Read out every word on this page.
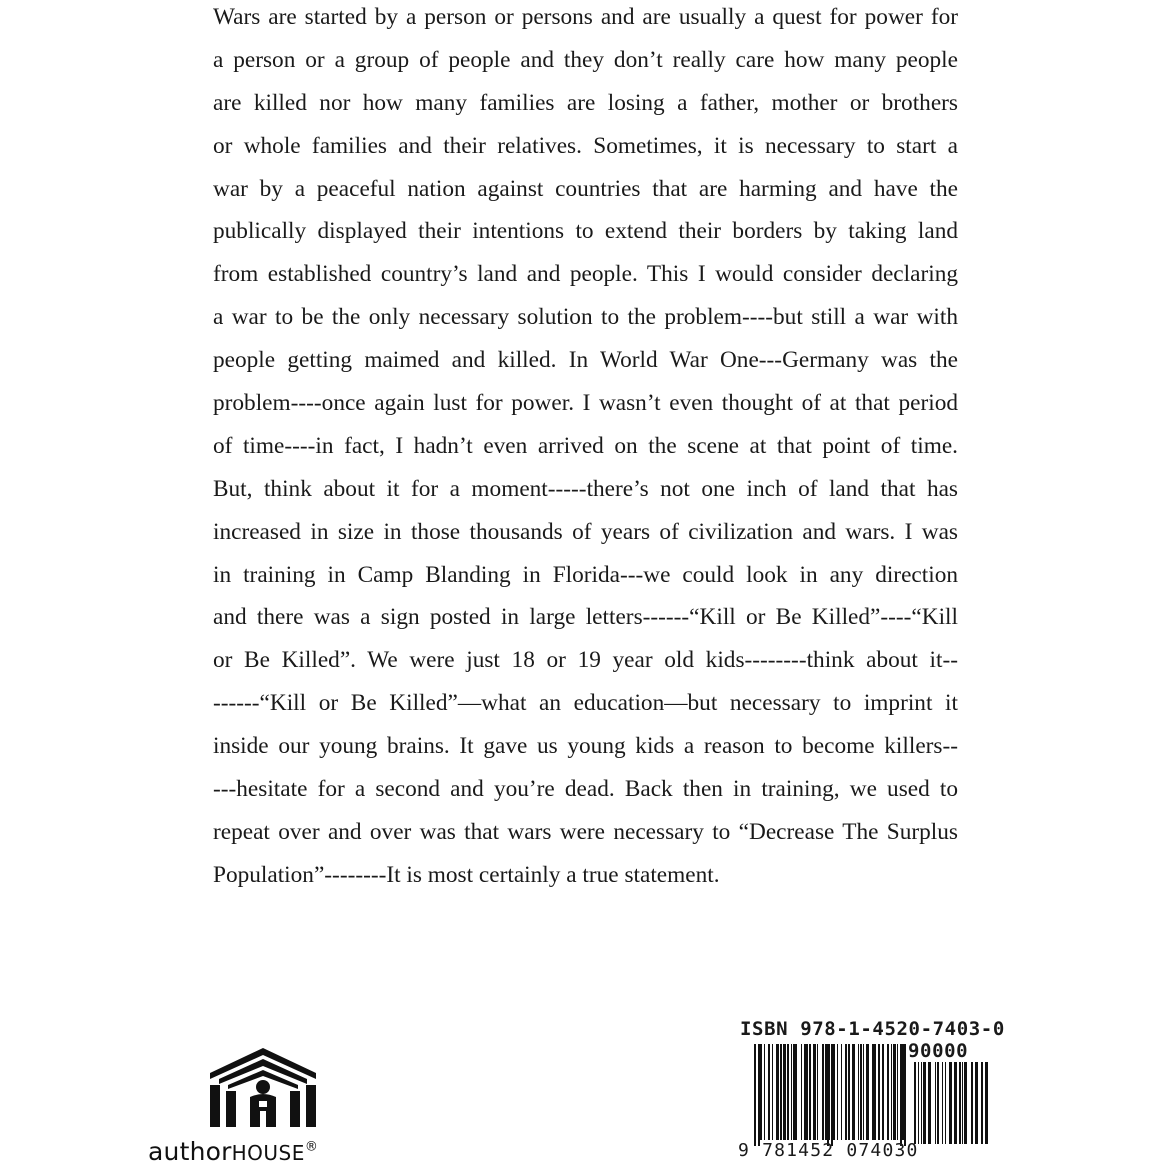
Wars are started by a person or persons and are usually a quest for power for
a person or a group of people and they don’t really care how many people
are killed nor how many families are losing a father, mother or brothers
or whole families and their relatives. Sometimes, it is necessary to start a
war by a peaceful nation against countries that are harming and have the
publically displayed their intentions to extend their borders by taking land
from established country’s land and people. This I would consider declaring
a war to be the only necessary solution to the problem----but still a war with
people getting maimed and killed. In World War One---Germany was the
problem----once again lust for power. I wasn’t even thought of at that period
of time----in fact, I hadn’t even arrived on the scene at that point of time.
But, think about it for a moment-----there’s not one inch of land that has
increased in size in those thousands of years of civilization and wars. I was
in training in Camp Blanding in Florida---we could look in any direction
and there was a sign posted in large letters------“Kill or Be Killed”----“Kill
or Be Killed”. We were just 18 or 19 year old kids--------think about it--
------“Kill or Be Killed”—what an education—but necessary to imprint it
inside our young brains. It gave us young kids a reason to become killers--
---hesitate for a second and you’re dead. Back then in training, we used to
repeat over and over was that wars were necessary to “Decrease The Surplus
Population”--------It is most certainly a true statement.
authorHOUSE®
ISBN 978-1-4520-7403-0
90000
9 781452 074030
